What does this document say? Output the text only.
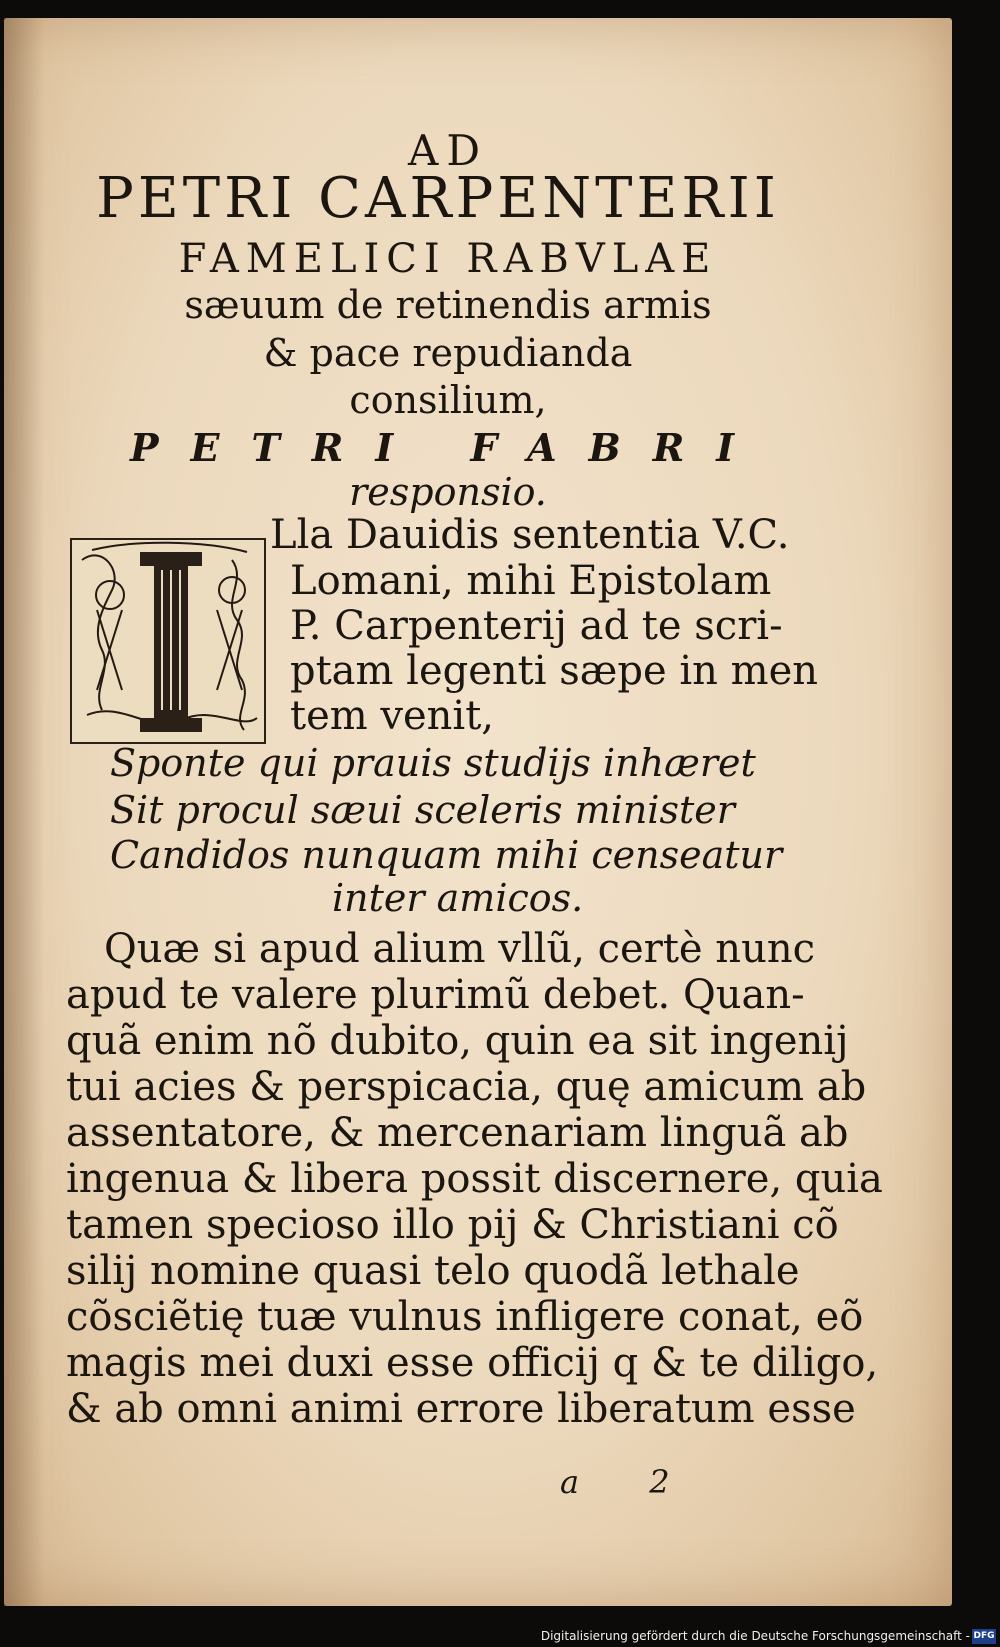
AD
PETRI CARPENTERII
FAMELICI RABVLAE
sæuum de retinendis armis
& pace repudianda
consilium,
PETRI FABRI
responsio.
Lla Dauidis sententia V.C.
Lomani, mihi Epistolam
P. Carpenterij ad te scri-
ptam legenti sæpe in men
tem venit,
Sponte qui prauis studijs inhæret
Sit procul sæui sceleris minister
Candidos nunquam mihi censeatur
inter amicos.
Quæ si apud alium vllũ, certè nunc
apud te valere plurimũ debet. Quan-
quã enim nõ dubito, quin ea sit ingenij
tui acies & perspicacia, quę amicum ab
assentatore, & mercenariam linguã ab
ingenua & libera possit discernere, quia
tamen specioso illo pij & Christiani cõ
silij nomine quasi telo quodã lethale
cõsciẽtię tuæ vulnus infligere conat, eõ
magis mei duxi esse officij q & te diligo,
& ab omni animi errore liberatum esse
a 2
Digitalisierung gefördert durch die Deutsche Forschungsgemeinschaft - DFG
